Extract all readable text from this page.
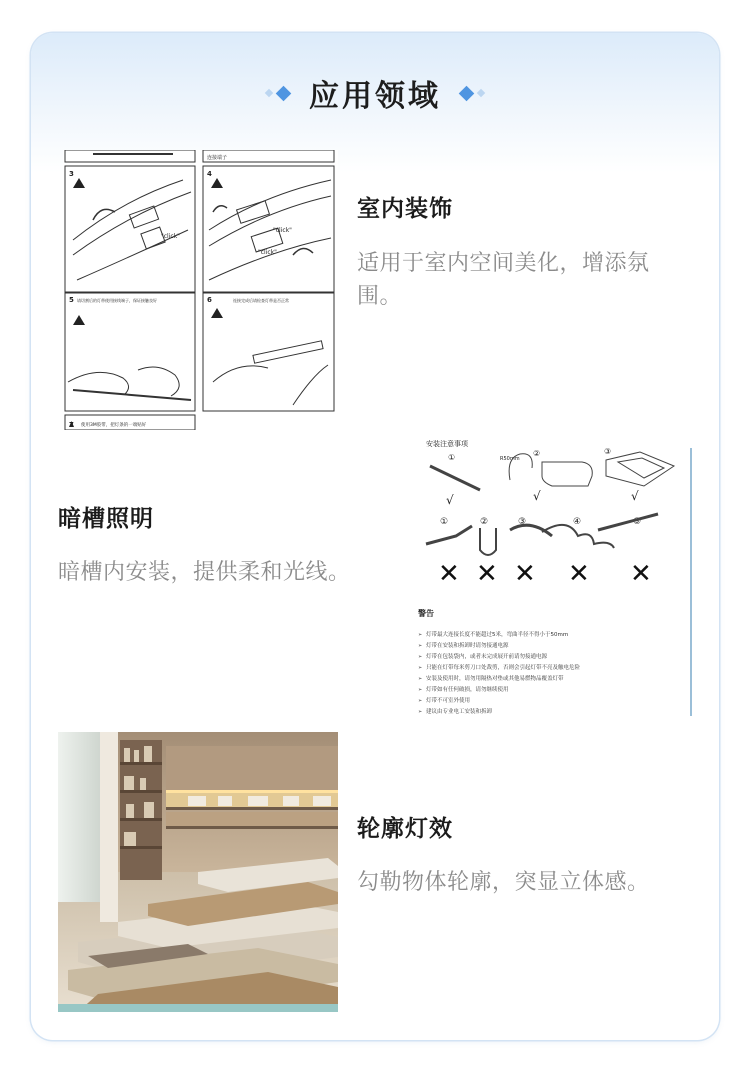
应用领域
3	4
5	6
7
"click"
"click"
"click"
连接端子
请切割后的灯带使用接线端子，保证接触良好	连接完成后请检查灯带是否正常
使用3M胶带，把灯条的一端贴好
室内装饰
适用于室内空间美化，增添氛围。
暗槽照明
暗槽内安装，提供柔和光线。
安装注意事项
①	②	③
R50mm
√	√	√
①	②	③	④	⑤
警告
✕ ✕ ✕ ✕ ✕
灯带最大连接长度不能超过5米，弯曲半径不得小于50mm
灯带在安装和拆卸时请勿接通电源
灯带在包装袋内，或者未完成展开前请勿接通电源
只能在灯带每米剪刀口处裁剪，否则会引起灯带不亮及触电危险
安装及使用时，请勿用隔热对垫或其他易燃物品覆盖灯带
灯带如有任何破损，请勿继续使用
灯带不可室外使用
建议由专业电工安装和拆卸
➢
➢
➢
➢
➢
➢
➢
➢
轮廓灯效
勾勒物体轮廓，突显立体感。
